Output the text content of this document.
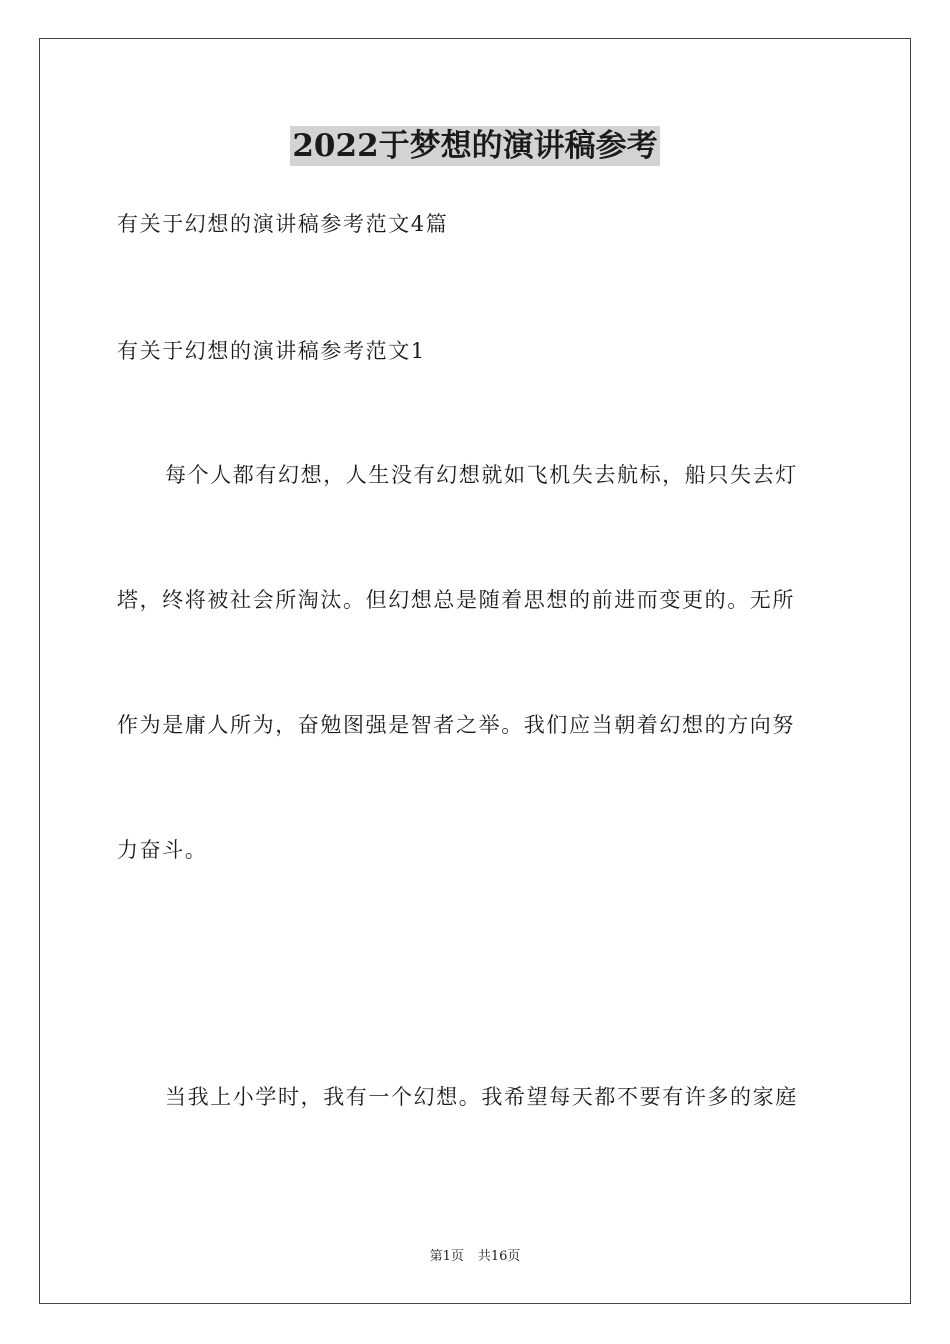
2022于梦想的演讲稿参考
有关于幻想的演讲稿参考范文4篇
有关于幻想的演讲稿参考范文1
每个人都有幻想，人生没有幻想就如飞机失去航标，船只失去灯
塔，终将被社会所淘汰。但幻想总是随着思想的前进而变更的。无所
作为是庸人所为，奋勉图强是智者之举。我们应当朝着幻想的方向努
力奋斗。
当我上小学时，我有一个幻想。我希望每天都不要有许多的家庭
第1页 共16页
